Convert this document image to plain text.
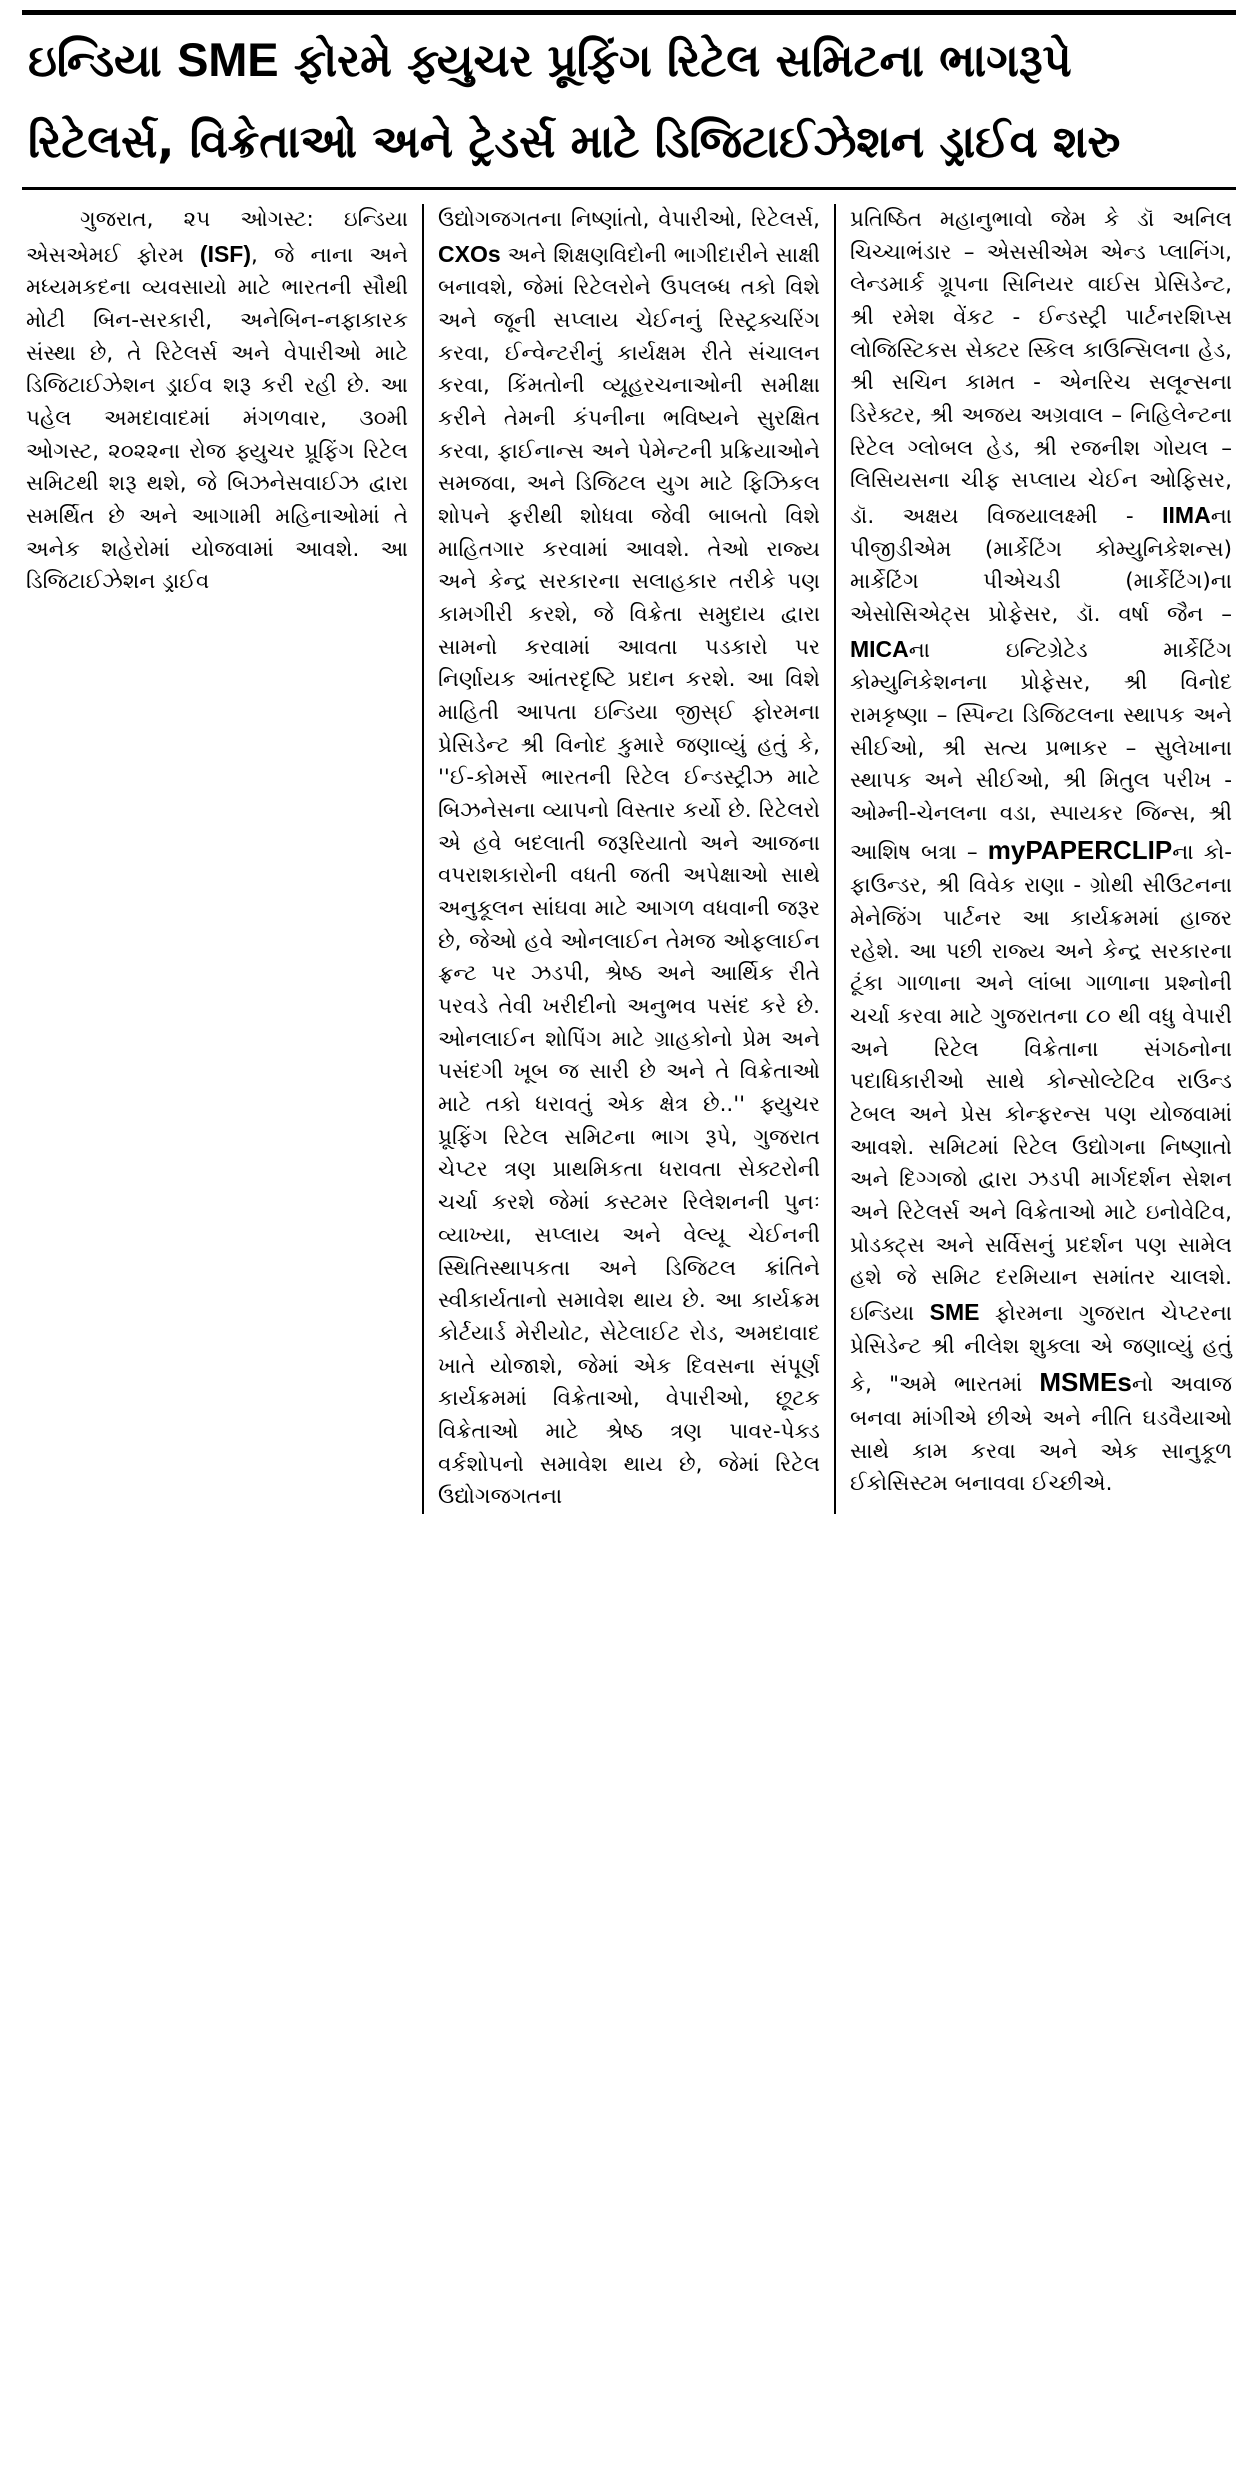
ઇન્ડિયા SME ફોરમે ફ્યુચર પ્રૂફિંગ રિટેલ સમિટના ભાગરૂપે
રિટેલર્સ, વિક્રેતાઓ અને ટ્રેડર્સ માટે ડિજિટાઈઝેશન ડ્રાઈવ શરુ

ગુજરાત, ૨૫ ઓગસ્ટ: ઇન્ડિયા એસએમઈ ફોરમ (ISF), જે નાના અને મધ્યમકદના વ્યવસાયો માટે ભારતની સૌથી મોટી બિન-સરકારી, અનેબિન-નફાકારક સંસ્થા છે, તે રિટેલર્સ અને વેપારીઓ માટે ડિજિટાઈઝેશન ડ્રાઈવ શરૂ કરી રહી છે. આ પહેલ અમદાવાદમાં મંગળવાર, ૩૦મી ઓગસ્ટ, ૨૦૨૨ના રોજ ફ્યુચર પ્રૂફિંગ રિટેલ સમિટથી શરૂ થશે, જે બિઝનેસવાઈઝ દ્વારા સમર્થિત છે અને આગામી મહિનાઓમાં તે અનેક શહેરોમાં યોજવામાં આવશે. આ ડિજિટાઈઝેશન ડ્રાઈવ

ઉદ્યોગજગતના નિષ્ણાંતો, વેપારીઓ, રિટેલર્સ, CXOs અને શિક્ષણવિદોની ભાગીદારીને સાક્ષી બનાવશે, જેમાં રિટેલરોને ઉપલબ્ધ તકો વિશે અને જૂની સપ્લાય ચેઈનનું રિસ્ટ્રક્ચરિંગ કરવા, ઈન્વેન્ટરીનું કાર્યક્ષમ રીતે સંચાલન કરવા, કિંમતોની વ્યૂહરચનાઓની સમીક્ષા કરીને તેમની કંપનીના ભવિષ્યને સુરક્ષિત કરવા, ફાઈનાન્સ અને પેમેન્ટની પ્રક્રિયાઓને સમજવા, અને ડિજિટલ યુગ માટે ફિઝિકલ શોપને ફરીથી શોધવા જેવી બાબતો વિશે માહિતગાર કરવામાં આવશે. તેઓ રાજ્ય અને કેન્દ્ર સરકારના સલાહકાર તરીકે પણ કામગીરી કરશે, જે વિક્રેતા સમુદાય દ્વારા સામનો કરવામાં આવતા પડકારો પર નિર્ણાયક આંતરદૃષ્ટિ પ્રદાન કરશે. આ વિશે માહિતી આપતા ઇન્ડિયા જીસ્ઈ ફોરમના પ્રેસિડેન્ટ શ્રી વિનોદ કુમારે જણાવ્યું હતું કે, ''ઈ-કોમર્સે ભારતની રિટેલ ઈન્ડસ્ટ્રીઝ માટે બિઝનેસના વ્યાપનો વિસ્તાર કર્યો છે. રિટેલરો એ હવે બદલાતી જરૂરિયાતો અને આજના વપરાશકારોની વધતી જતી અપેક્ષાઓ સાથે અનુકૂલન સાંઘવા માટે આગળ વધવાની જરૂર છે, જેઓ હવે ઓનલાઈન તેમજ ઓફલાઈન ફ્રન્ટ પર ઝડપી, શ્રેષ્ઠ અને આર્થિક રીતે પરવડે તેવી ખરીદીનો અનુભવ પસંદ કરે છે. ઓનલાઈન શોપિંગ માટે ગ્રાહકોનો પ્રેમ અને પસંદગી ખૂબ જ સારી છે અને તે વિક્રેતાઓ માટે તકો ધરાવતું એક ક્ષેત્ર છે..'' ફ્યુચર પ્રૂફિંગ રિટેલ સમિટના ભાગ રૂપે, ગુજરાત ચેપ્ટર ત્રણ પ્રાથમિકતા ધરાવતા સેક્ટરોની ચર્ચા કરશે જેમાં કસ્ટમર રિલેશનની પુનઃ વ્યાખ્યા, સપ્લાય અને વેલ્યૂ ચેઈનની સ્થિતિસ્થાપકતા અને ડિજિટલ ક્રાંતિને સ્વીકાર્યતાનો સમાવેશ થાય છે. આ કાર્યક્રમ કોર્ટયાર્ડ મેરીયોટ, સેટેલાઈટ રોડ, અમદાવાદ ખાતે યોજાશે, જેમાં એક દિવસના સંપૂર્ણ કાર્યક્રમમાં વિક્રેતાઓ, વેપારીઓ, છૂટક વિક્રેતાઓ માટે શ્રેષ્ઠ ત્રણ પાવર-પેક્ડ વર્કશોપનો સમાવેશ થાય છે, જેમાં રિટેલ ઉદ્યોગજગતના

પ્રતિષ્ઠિત મહાનુભાવો જેમ કે ડૉ અનિલ ચિચ્ચાભંડાર – એસસીએમ એન્ડ પ્લાનિંગ, લેન્ડમાર્ક ગ્રૂપના સિનિયર વાઈસ પ્રેસિડેન્ટ, શ્રી રમેશ વેંકટ - ઈન્ડસ્ટ્રી પાર્ટનરશિપ્સ લોજિસ્ટિકસ સેક્ટર સ્કિલ કાઉન્સિલના હેડ, શ્રી સચિન કામત - એનરિચ સલૂન્સના ડિરેક્ટર, શ્રી અજય અગ્રવાલ – નિહિલેન્ટના રિટેલ ગ્લોબલ હેડ, શ્રી રજનીશ ગોયલ – લિસિયસના ચીફ સપ્લાય ચેઈન ઓફિસર, ડૉ. અક્ષય વિજયાલક્ષ્મી - IIMAના પીજીડીએમ (માર્કેટિંગ કોમ્યુનિકેશન્સ) માર્કેટિંગ પીએચડી (માર્કેટિંગ)ના એસોસિએટ્સ પ્રોફેસર, ડૉ. વર્ષા જૈન – MICAના ઇન્ટિગ્રેટેડ માર્કેટિંગ કોમ્યુનિકેશનના પ્રોફેસર, શ્રી વિનોદ રામકૃષ્ણા – સ્પિન્ટા ડિજિટલના સ્થાપક અને સીઈઓ, શ્રી સત્ય પ્રભાકર – સુલેખાના સ્થાપક અને સીઈઓ, શ્રી મિતુલ પરીખ - ઓમ્ની-ચેનલના વડા, સ્પાયકર જિન્સ, શ્રી આશિષ બત્રા – myPAPERCLIPના કો-ફાઉન્ડર, શ્રી વિવેક રાણા - ગ્રોથી સીઉટનના મેનેજિંગ પાર્ટનર આ કાર્યક્રમમાં હાજર રહેશે. આ પછી રાજ્ય અને કેન્દ્ર સરકારના ટૂંકા ગાળાના અને લાંબા ગાળાના પ્રશ્નોની ચર્ચા કરવા માટે ગુજરાતના ૮૦ થી વધુ વેપારી અને રિટેલ વિક્રેતાના સંગઠનોના પદાધિકારીઓ સાથે કોન્સોલ્ટેટિવ રાઉન્ડ ટેબલ અને પ્રેસ કોન્ફરન્સ પણ યોજવામાં આવશે. સમિટમાં રિટેલ ઉદ્યોગના નિષ્ણાતો અને દિગ્ગજો દ્વારા ઝડપી માર્ગદર્શન સેશન અને રિટેલર્સ અને વિક્રેતાઓ માટે ઇનોવેટિવ, પ્રોડક્ટ્સ અને સર્વિસનું પ્રદર્શન પણ સામેલ હશે જે સમિટ દરમિયાન સમાંતર ચાલશે. ઇન્ડિયા SME ફોરમના ગુજરાત ચેપ્ટરના પ્રેસિડેન્ટ શ્રી નીલેશ શુક્લા એ જણાવ્યું હતું કે, "અમે ભારતમાં MSMEsનો અવાજ બનવા માંગીએ છીએ અને નીતિ ઘડવૈયાઓ સાથે કામ કરવા અને એક સાનુકૂળ ઈકોસિસ્ટમ બનાવવા ઈચ્છીએ.
